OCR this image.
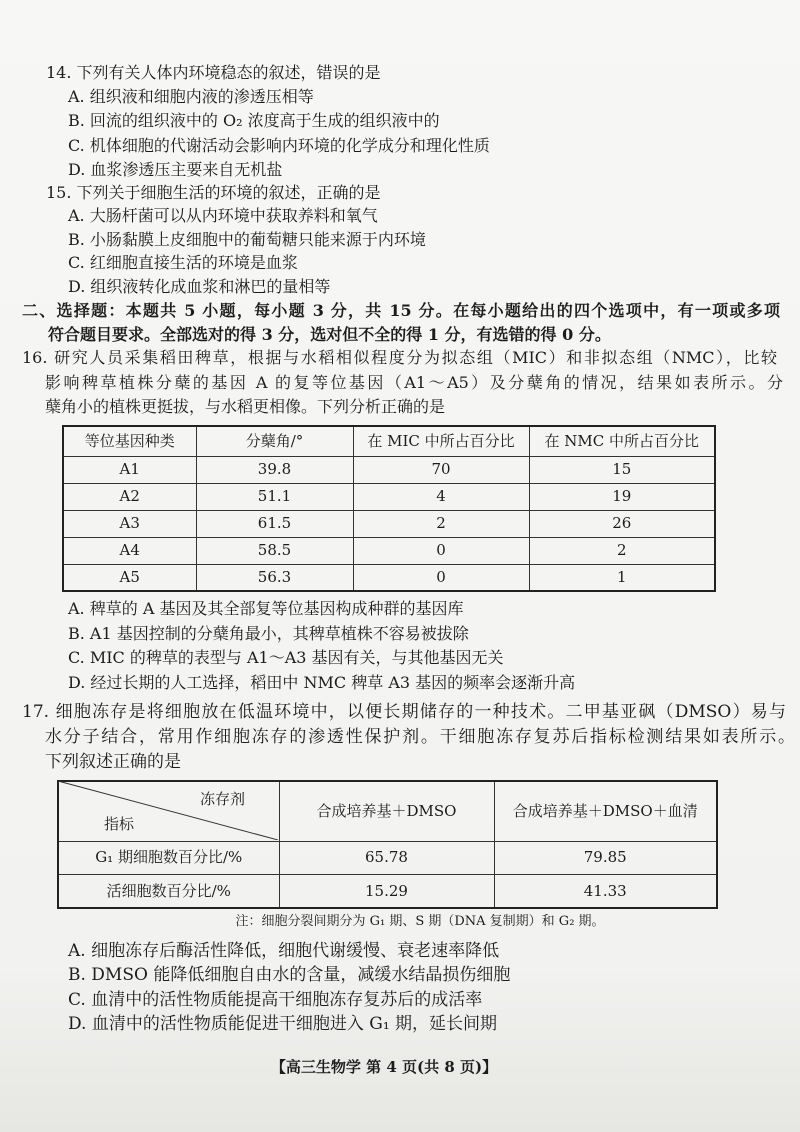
14. 下列有关人体内环境稳态的叙述，错误的是
A. 组织液和细胞内液的渗透压相等
B. 回流的组织液中的 O₂ 浓度高于生成的组织液中的
C. 机体细胞的代谢活动会影响内环境的化学成分和理化性质
D. 血浆渗透压主要来自无机盐
15. 下列关于细胞生活的环境的叙述，正确的是
A. 大肠杆菌可以从内环境中获取养料和氧气
B. 小肠黏膜上皮细胞中的葡萄糖只能来源于内环境
C. 红细胞直接生活的环境是血浆
D. 组织液转化成血浆和淋巴的量相等
二、选择题：本题共 5 小题，每小题 3 分，共 15 分。在每小题给出的四个选项中，有一项或多项
符合题目要求。全部选对的得 3 分，选对但不全的得 1 分，有选错的得 0 分。
16. 研究人员采集稻田稗草，根据与水稻相似程度分为拟态组（MIC）和非拟态组（NMC），比较
影响稗草植株分蘖的基因 A 的复等位基因（A1～A5）及分蘖角的情况，结果如表所示。分
蘖角小的植株更挺拔，与水稻更相像。下列分析正确的是
等位基因种类	分蘖角/°	在 MIC 中所占百分比	在 NMC 中所占百分比
A1	39.8	70	15
A2	51.1	4	19
A3	61.5	2	26
A4	58.5	0	2
A5	56.3	0	1
A. 稗草的 A 基因及其全部复等位基因构成种群的基因库
B. A1 基因控制的分蘖角最小，其稗草植株不容易被拔除
C. MIC 的稗草的表型与 A1～A3 基因有关，与其他基因无关
D. 经过长期的人工选择，稻田中 NMC 稗草 A3 基因的频率会逐渐升高
17. 细胞冻存是将细胞放在低温环境中，以便长期储存的一种技术。二甲基亚砜（DMSO）易与
水分子结合，常用作细胞冻存的渗透性保护剂。干细胞冻存复苏后指标检测结果如表所示。
下列叙述正确的是
	合成培养基＋DMSO	合成培养基＋DMSO＋血清
G₁ 期细胞数百分比/%	65.78	79.85
活细胞数百分比/%	15.29	41.33
冻存剂
指标
注：细胞分裂间期分为 G₁ 期、S 期（DNA 复制期）和 G₂ 期。
A. 细胞冻存后酶活性降低，细胞代谢缓慢、衰老速率降低
B. DMSO 能降低细胞自由水的含量，减缓水结晶损伤细胞
C. 血清中的活性物质能提高干细胞冻存复苏后的成活率
D. 血清中的活性物质能促进干细胞进入 G₁ 期，延长间期
【高三生物学 第 4 页(共 8 页)】
